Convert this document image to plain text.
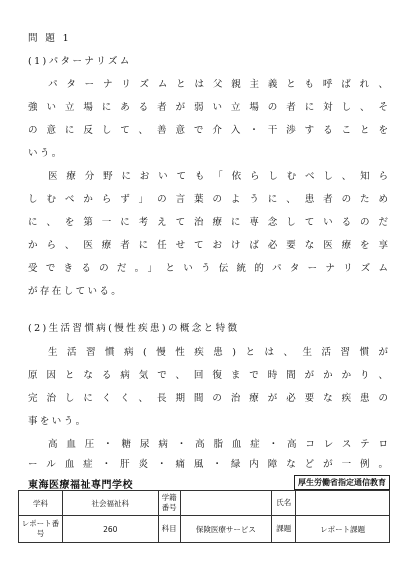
問 題 1
(1)パターナリズム
パターナリズムとは父親主義とも呼ばれ、
強い立場にある者が弱い立場の者に対し、そ
の意に反して、善意で介入・干渉することを
いう。
医療分野においても「依らしむべし、知ら
しむべからず」の言葉のように、患者のため
に、を第一に考えて治療に専念しているのだ
から、医療者に任せておけば必要な医療を享
受できるのだ。」という伝統的パターナリズム
が存在している。
(2)生活習慣病(慢性疾患)の概念と特徴
生活習慣病(慢性疾患)とは、生活習慣が
原因となる病気で、回復まで時間がかかり、
完治しにくく、長期間の治療が必要な疾患の
事をいう。
高血圧・糖尿病・高脂血症・高コレステロ
ール血症・肝炎・痛風・緑内障などが一例。
東海医療福祉専門学校	厚生労働省指定通信教育
学科	社会福祉科	学籍番号		氏名	
レポート番号	260	科目	保険医療サービス	課題	レポート課題
